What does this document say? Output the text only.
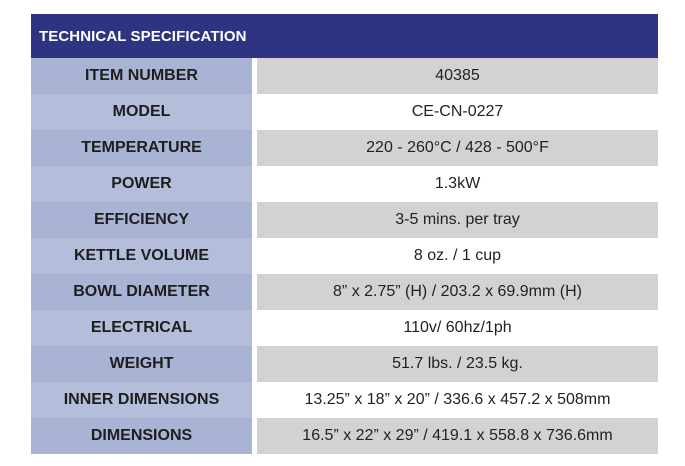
TECHNICAL SPECIFICATION
ITEM NUMBER	40385
MODEL	CE-CN-0227
TEMPERATURE	220 - 260°C / 428 - 500°F
POWER	1.3kW
EFFICIENCY	3-5 mins. per tray
KETTLE VOLUME	8 oz. / 1 cup
BOWL DIAMETER	8” x 2.75” (H) / 203.2 x 69.9mm (H)
ELECTRICAL	110v/ 60hz/1ph
WEIGHT	51.7 lbs. / 23.5 kg.
INNER DIMENSIONS	13.25” x 18” x 20” / 336.6 x 457.2 x 508mm
DIMENSIONS	16.5” x 22” x 29” / 419.1 x 558.8 x 736.6mm
